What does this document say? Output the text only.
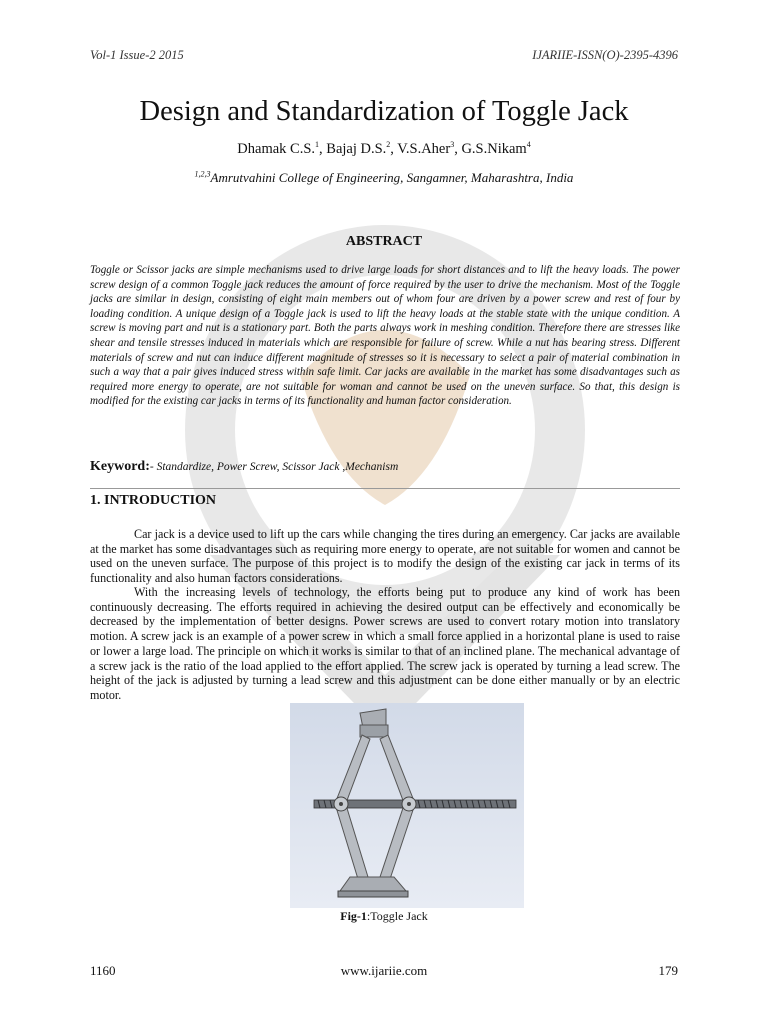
Vol-1 Issue-2 2015	IJARIIE-ISSN(O)-2395-4396
Design and Standardization of Toggle Jack
Dhamak C.S.$^1$, Bajaj D.S.$^2$, V.S.Aher$^3$, G.S.Nikam$^4$
$^{1,2,3}$Amrutvahini College of Engineering, Sangamner, Maharashtra, India
ABSTRACT
Toggle or Scissor jacks are simple mechanisms used to drive large loads for short distances and to lift the heavy loads. The power screw design of a common Toggle jack reduces the amount of force required by the user to drive the mechanism. Most of the Toggle jacks are similar in design, consisting of eight main members out of whom four are driven by a power screw and rest of four by loading condition. A unique design of a Toggle jack is used to lift the heavy loads at the stable state with the unique condition. A screw is moving part and nut is a stationary part. Both the parts always work in meshing condition. Therefore there are stresses like shear and tensile stresses induced in materials which are responsible for failure of screw. While a nut has bearing stress. Different materials of screw and nut can induce different magnitude of stresses so it is necessary to select a pair of material combination in such a way that a pair gives induced stress within safe limit. Car jacks are available in the market has some disadvantages such as required more energy to operate, are not suitable for woman and cannot be used on the uneven surface. So that, this design is modified for the existing car jacks in terms of its functionality and human factor consideration.
Keyword:- Standardize, Power Screw, Scissor Jack ,Mechanism
1. INTRODUCTION
Car jack is a device used to lift up the cars while changing the tires during an emergency. Car jacks are available at the market has some disadvantages such as requiring more energy to operate, are not suitable for women and cannot be used on the uneven surface. The purpose of this project is to modify the design of the existing car jack in terms of its functionality and also human factors considerations.
With the increasing levels of technology, the efforts being put to produce any kind of work has been continuously decreasing. The efforts required in achieving the desired output can be effectively and economically be decreased by the implementation of better designs. Power screws are used to convert rotary motion into translatory motion. A screw jack is an example of a power screw in which a small force applied in a horizontal plane is used to raise or lower a large load. The principle on which it works is similar to that of an inclined plane. The mechanical advantage of a screw jack is the ratio of the load applied to the effort applied. The screw jack is operated by turning a lead screw. The height of the jack is adjusted by turning a lead screw and this adjustment can be done either manually or by an electric motor.
Fig-1:Toggle Jack
1160	www.ijariie.com	179
